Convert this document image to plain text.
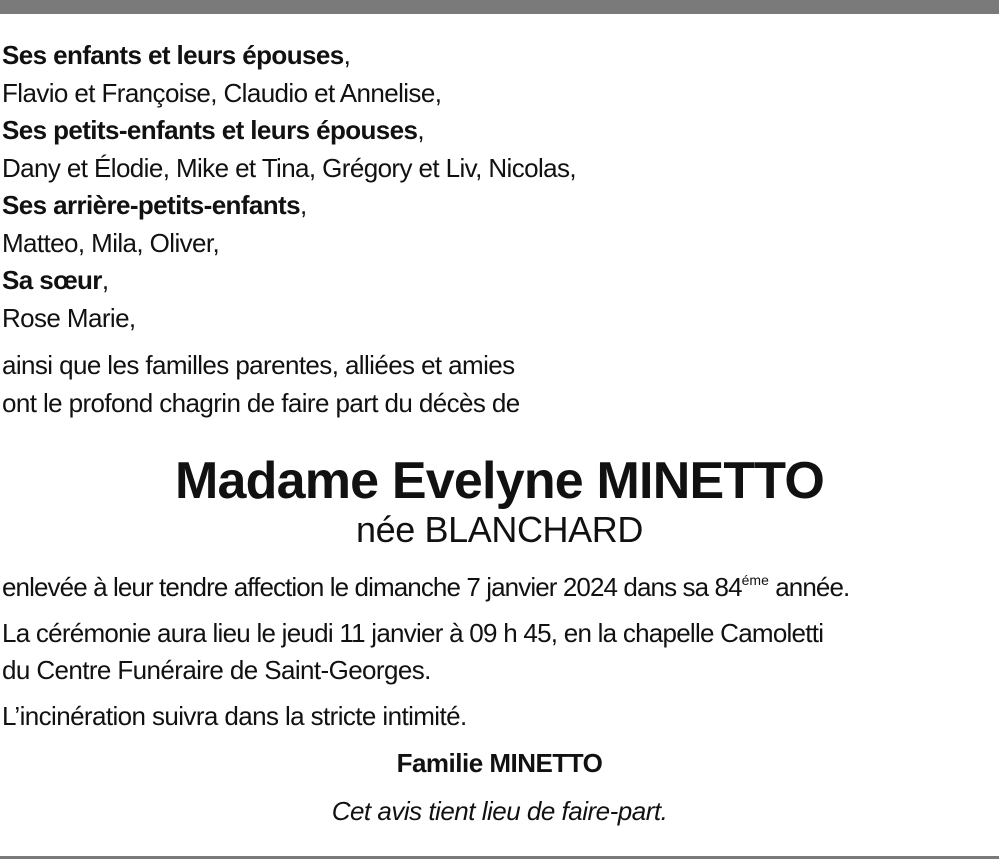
Ses enfants et leurs épouses,
Flavio et Françoise, Claudio et Annelise,
Ses petits-enfants et leurs épouses,
Dany et Élodie, Mike et Tina, Grégory et Liv, Nicolas,
Ses arrière-petits-enfants,
Matteo, Mila, Oliver,
Sa sœur,
Rose Marie,
ainsi que les familles parentes, alliées et amies
ont le profond chagrin de faire part du décès de
Madame Evelyne MINETTO
née BLANCHARD
enlevée à leur tendre affection le dimanche 7 janvier 2024 dans sa $84^{éme}$ année.
La cérémonie aura lieu le jeudi 11 janvier à 09 h 45, en la chapelle Camoletti
du Centre Funéraire de Saint-Georges.
L’incinération suivra dans la stricte intimité.
Familie MINETTO
Cet avis tient lieu de faire-part.
